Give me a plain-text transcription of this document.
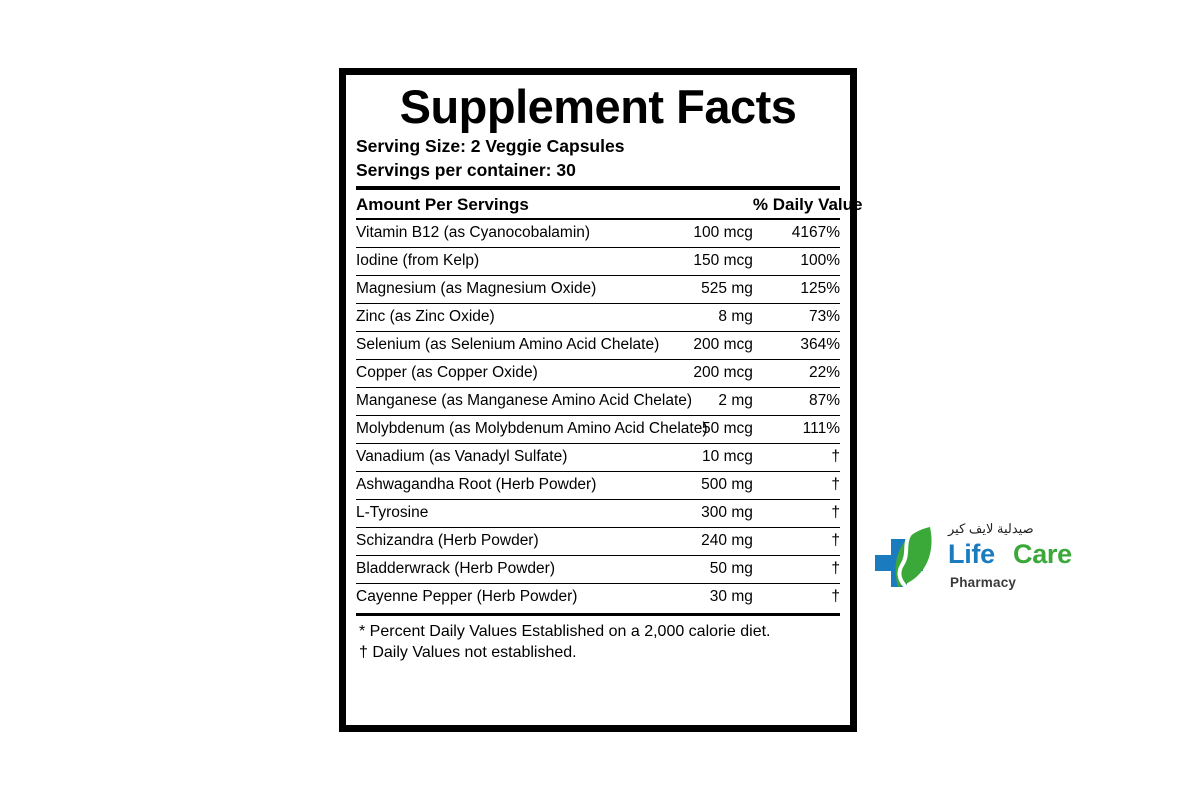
Supplement Facts
Serving Size: 2 Veggie Capsules
Servings per container: 30
Amount Per Servings		% Daily Value
Vitamin B12 (as Cyanocobalamin)	100 mcg	4167%
Iodine (from Kelp)	150 mcg	100%
Magnesium (as Magnesium Oxide)	525 mg	125%
Zinc (as Zinc Oxide)	8 mg	73%
Selenium (as Selenium Amino Acid Chelate)	200 mcg	364%
Copper (as Copper Oxide)	200 mcg	22%
Manganese (as Manganese Amino Acid Chelate)	2 mg	87%
Molybdenum (as Molybdenum Amino Acid Chelate)	50 mcg	111%
Vanadium (as Vanadyl Sulfate)	10 mcg	†
Ashwagandha Root (Herb Powder)	500 mg	†
L-Tyrosine	300 mg	†
Schizandra (Herb Powder)	240 mg	†
Bladderwrack (Herb Powder)	50 mg	†
Cayenne Pepper (Herb Powder)	30 mg	†
* Percent Daily Values Established on a 2,000 calorie diet.
† Daily Values not established.
صيدلية لايف كير
Life Care
Pharmacy
